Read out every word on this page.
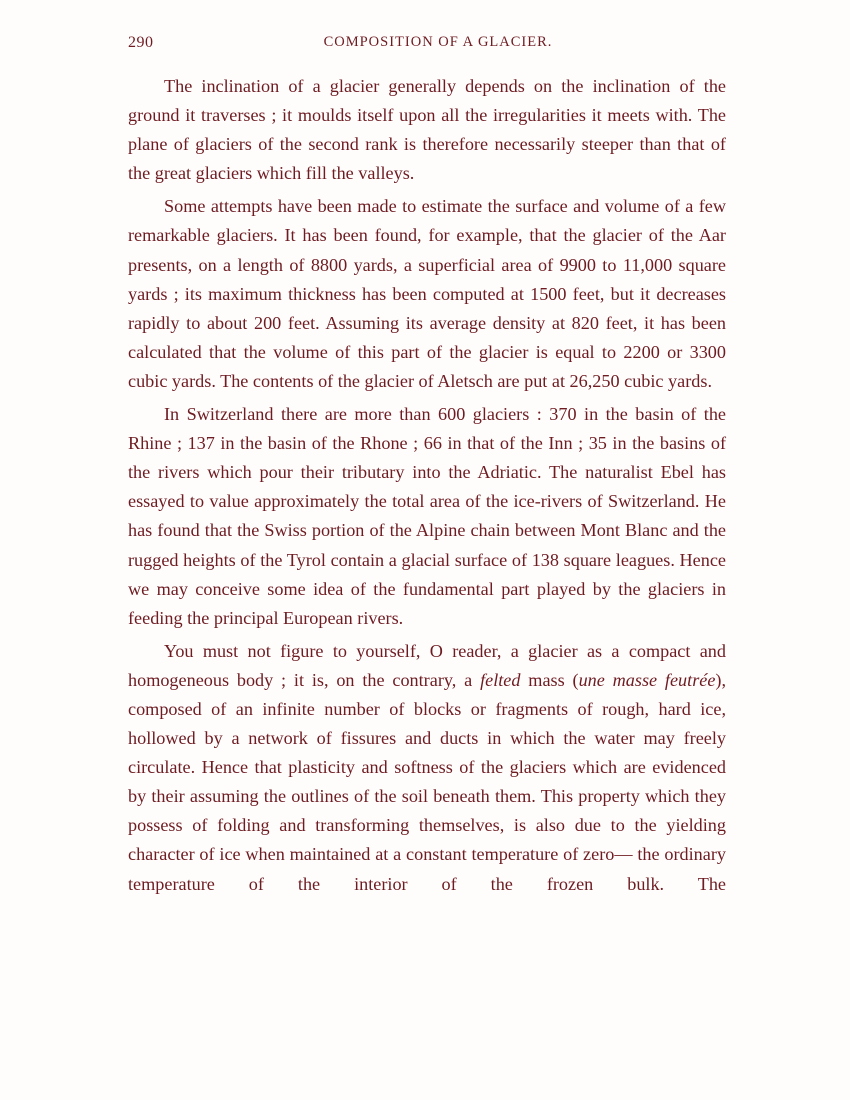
290	COMPOSITION OF A GLACIER.

The inclination of a glacier generally depends on the inclination of the ground it traverses ; it moulds itself upon all the irregularities it meets with. The plane of glaciers of the second rank is therefore necessarily steeper than that of the great glaciers which fill the valleys.

Some attempts have been made to estimate the surface and volume of a few remarkable glaciers. It has been found, for example, that the glacier of the Aar presents, on a length of 8800 yards, a superficial area of 9900 to 11,000 square yards ; its maximum thickness has been computed at 1500 feet, but it decreases rapidly to about 200 feet. Assuming its average density at 820 feet, it has been calculated that the volume of this part of the glacier is equal to 2200 or 3300 cubic yards. The contents of the glacier of Aletsch are put at 26,250 cubic yards.

In Switzerland there are more than 600 glaciers : 370 in the basin of the Rhine ; 137 in the basin of the Rhone ; 66 in that of the Inn ; 35 in the basins of the rivers which pour their tributary into the Adriatic. The naturalist Ebel has essayed to value approximately the total area of the ice-rivers of Switzerland. He has found that the Swiss portion of the Alpine chain between Mont Blanc and the rugged heights of the Tyrol contain a glacial surface of 138 square leagues. Hence we may conceive some idea of the fundamental part played by the glaciers in feeding the principal European rivers.

You must not figure to yourself, O reader, a glacier as a compact and homogeneous body ; it is, on the contrary, a felted mass (une masse feutrée), composed of an infinite number of blocks or fragments of rough, hard ice, hollowed by a network of fissures and ducts in which the water may freely circulate. Hence that plasticity and softness of the glaciers which are evidenced by their assuming the outlines of the soil beneath them. This property which they possess of folding and transforming themselves, is also due to the yielding character of ice when maintained at a constant temperature of zero— the ordinary temperature of the interior of the frozen bulk. The
